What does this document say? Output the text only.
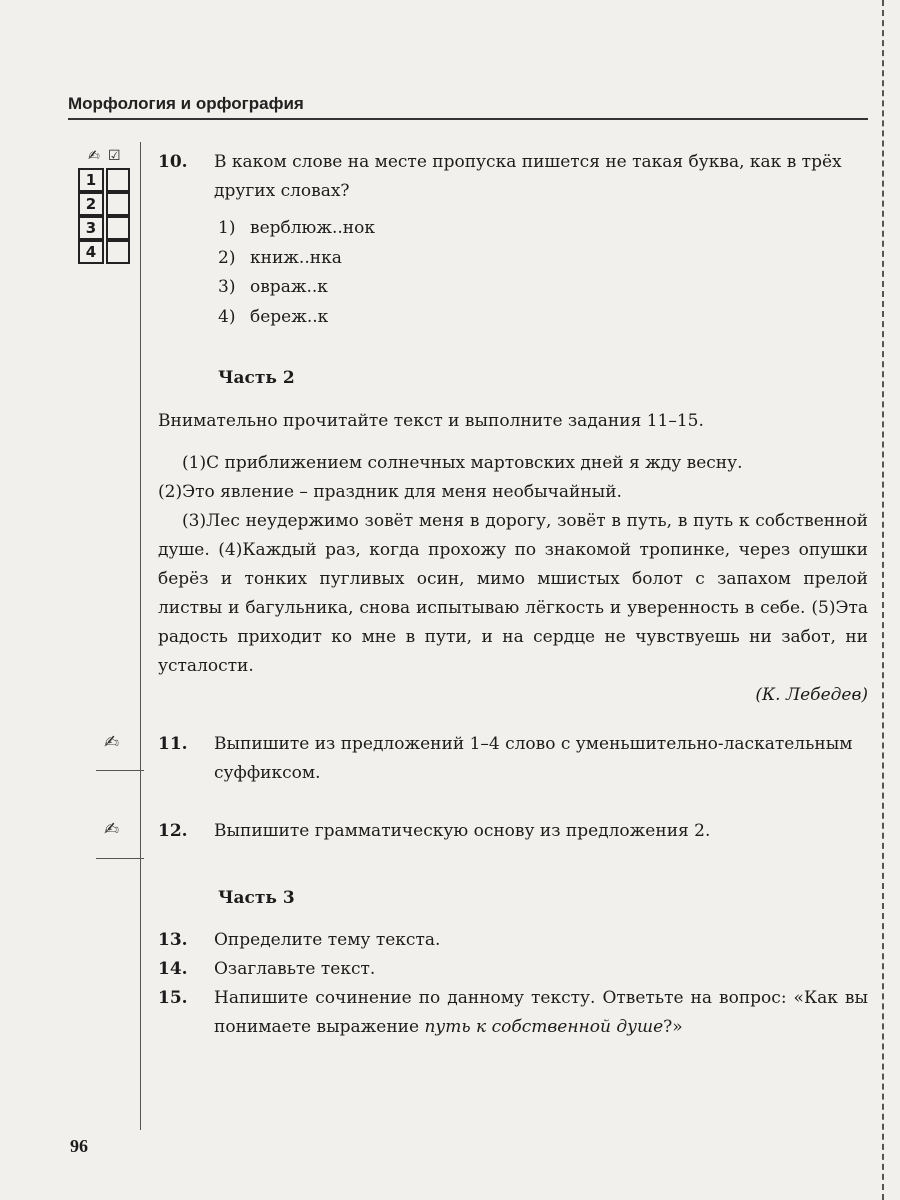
Морфология и орфография
✍ ☑
1
2
3
4
10. В каком слове на месте пропуска пишется не такая буква, как в трёх других словах?
1) верблюж..нок
2) книж..нка
3) овраж..к
4) береж..к
Часть 2
Внимательно прочитайте текст и выполните задания 11–15.

(1)С приближением солнечных мартовских дней я жду весну.

(2)Это явление – праздник для меня необычайный.

(3)Лес неудержимо зовёт меня в дорогу, зовёт в путь, в путь к собственной душе. (4)Каждый раз, когда прохожу по знакомой тропинке, через опушки берёз и тонких пугливых осин, мимо мшистых болот с запахом прелой листвы и багульника, снова испытываю лёгкость и уверенность в себе. (5)Эта радость приходит ко мне в пути, и на сердце не чувствуешь ни забот, ни усталости.

(К. Лебедев)
✍ 11. Выпишите из предложений 1–4 слово с уменьшительно-ласкательным суффиксом.
✍ 12. Выпишите грамматическую основу из предложения 2.
Часть 3
13. Определите тему текста.
14. Озаглавьте текст.
15. Напишите сочинение по данному тексту. Ответьте на вопрос: «Как вы понимаете выражение путь к собственной душе?»
96
